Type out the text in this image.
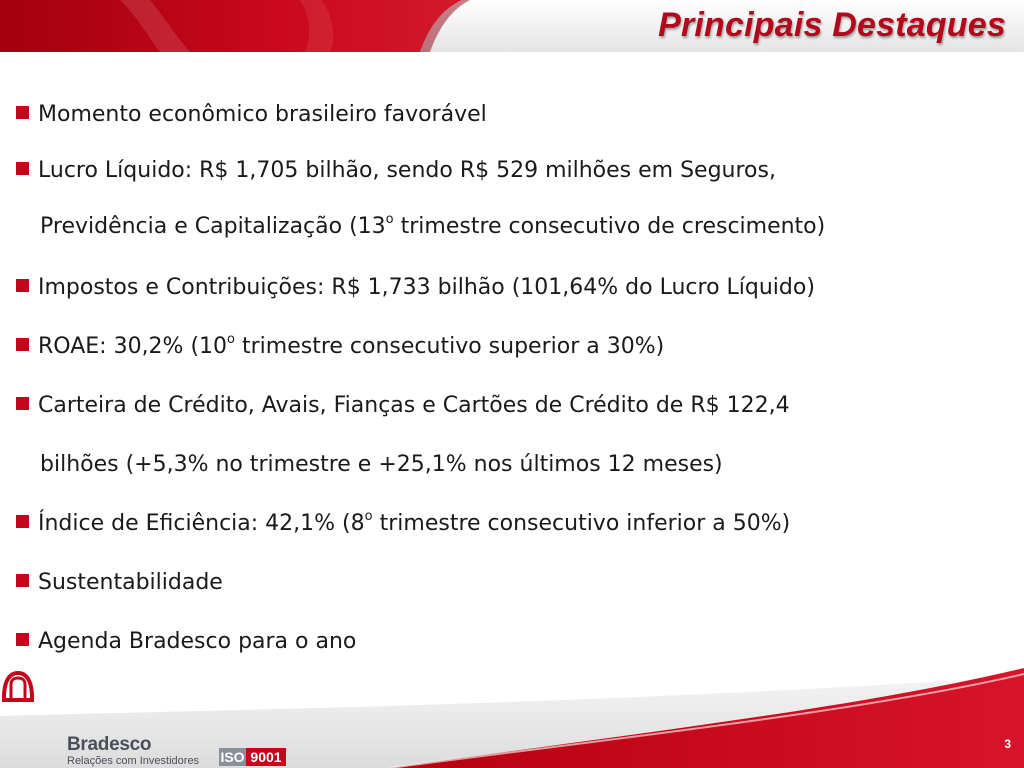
Principais Destaques
Momento econômico brasileiro favorável
Lucro Líquido: R$ 1,705 bilhão, sendo R$ 529 milhões em Seguros,
Previdência e Capitalização (13$^o$ trimestre consecutivo de crescimento)
Impostos e Contribuições: R$ 1,733 bilhão (101,64% do Lucro Líquido)
ROAE: 30,2% (10$^o$ trimestre consecutivo superior a 30%)
Carteira de Crédito, Avais, Fianças e Cartões de Crédito de R$ 122,4
bilhões (+5,3% no trimestre e +25,1% nos últimos 12 meses)
Índice de Eficiência: 42,1% (8$^o$ trimestre consecutivo inferior a 50%)
Sustentabilidade
Agenda Bradesco para o ano
Bradesco
Relações com Investidores ISO 9001
3
